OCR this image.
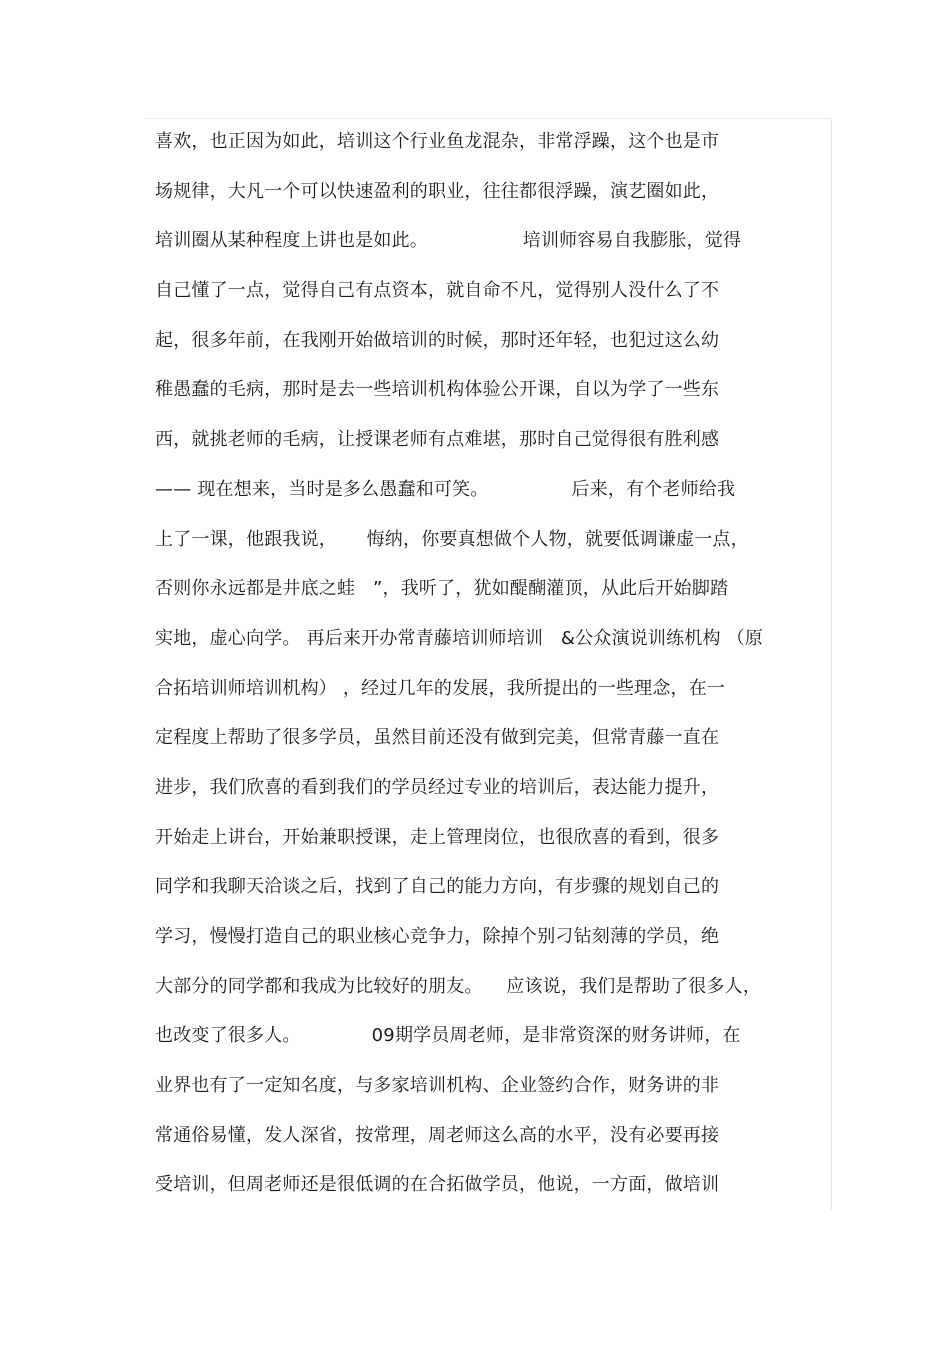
喜欢，也正因为如此，培训这个行业鱼龙混杂，非常浮躁，这个也是市
场规律，大凡一个可以快速盈利的职业，往往都很浮躁，演艺圈如此，
培训圈从某种程度上讲也是如此。                培训师容易自我膨胀，觉得
自己懂了一点，觉得自己有点资本，就自命不凡，觉得别人没什么了不
起，很多年前，在我刚开始做培训的时候，那时还年轻，也犯过这么幼
稚愚蠢的毛病，那时是去一些培训机构体验公开课，自以为学了一些东
西，就挑老师的毛病，让授课老师有点难堪，那时自己觉得很有胜利感
—— 现在想来，当时是多么愚蠢和可笑。              后来，有个老师给我
上了一课，他跟我说，     悔纳，你要真想做个人物，就要低调谦虚一点，
否则你永远都是井底之蛙   ”，我听了，犹如醍醐灌顶，从此后开始脚踏
实地，虚心向学。 再后来开办常青藤培训师培训   &公众演说训练机构 （原
合拓培训师培训机构） ，经过几年的发展，我所提出的一些理念，在一
定程度上帮助了很多学员，虽然目前还没有做到完美，但常青藤一直在
进步，我们欣喜的看到我们的学员经过专业的培训后，表达能力提升，
开始走上讲台，开始兼职授课，走上管理岗位，也很欣喜的看到，很多
同学和我聊天洽谈之后，找到了自己的能力方向，有步骤的规划自己的
学习，慢慢打造自己的职业核心竞争力，除掉个别刁钻刻薄的学员，绝
大部分的同学都和我成为比较好的朋友。    应该说，我们是帮助了很多人，
也改变了很多人。            09期学员周老师，是非常资深的财务讲师，在
业界也有了一定知名度，与多家培训机构、企业签约合作，财务讲的非
常通俗易懂，发人深省，按常理，周老师这么高的水平，没有必要再接
受培训，但周老师还是很低调的在合拓做学员，他说，一方面，做培训
